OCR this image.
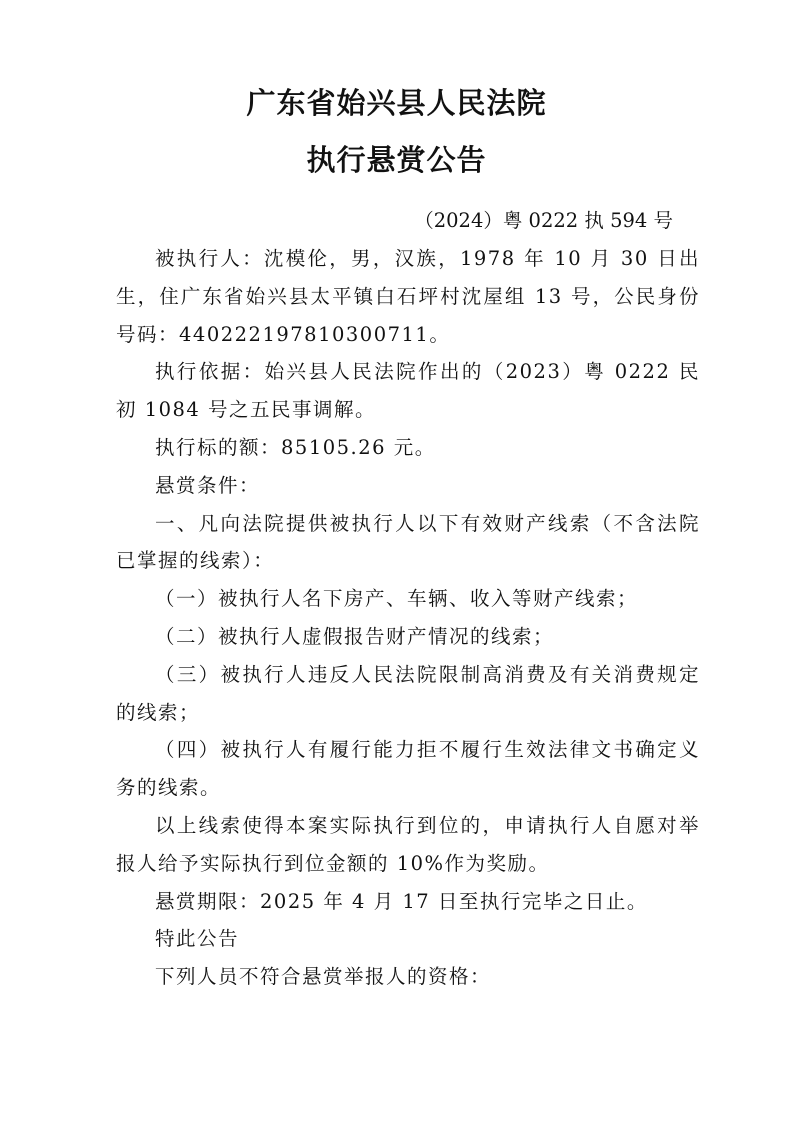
广东省始兴县人民法院
执行悬赏公告
（2024）粤 0222 执 594 号

被执行人：沈模伦，男，汉族，1978 年 10 月 30 日出生，住广东省始兴县太平镇白石坪村沈屋组 13 号，公民身份号码：440222197810300711。

执行依据：始兴县人民法院作出的（2023）粤 0222 民初 1084 号之五民事调解。

执行标的额：85105.26 元。

悬赏条件：

一、凡向法院提供被执行人以下有效财产线索（不含法院已掌握的线索）：

（一）被执行人名下房产、车辆、收入等财产线索；

（二）被执行人虚假报告财产情况的线索；

（三）被执行人违反人民法院限制高消费及有关消费规定的线索；

（四）被执行人有履行能力拒不履行生效法律文书确定义务的线索。

以上线索使得本案实际执行到位的，申请执行人自愿对举报人给予实际执行到位金额的 10%作为奖励。

悬赏期限：2025 年 4 月 17 日至执行完毕之日止。

特此公告

下列人员不符合悬赏举报人的资格：
